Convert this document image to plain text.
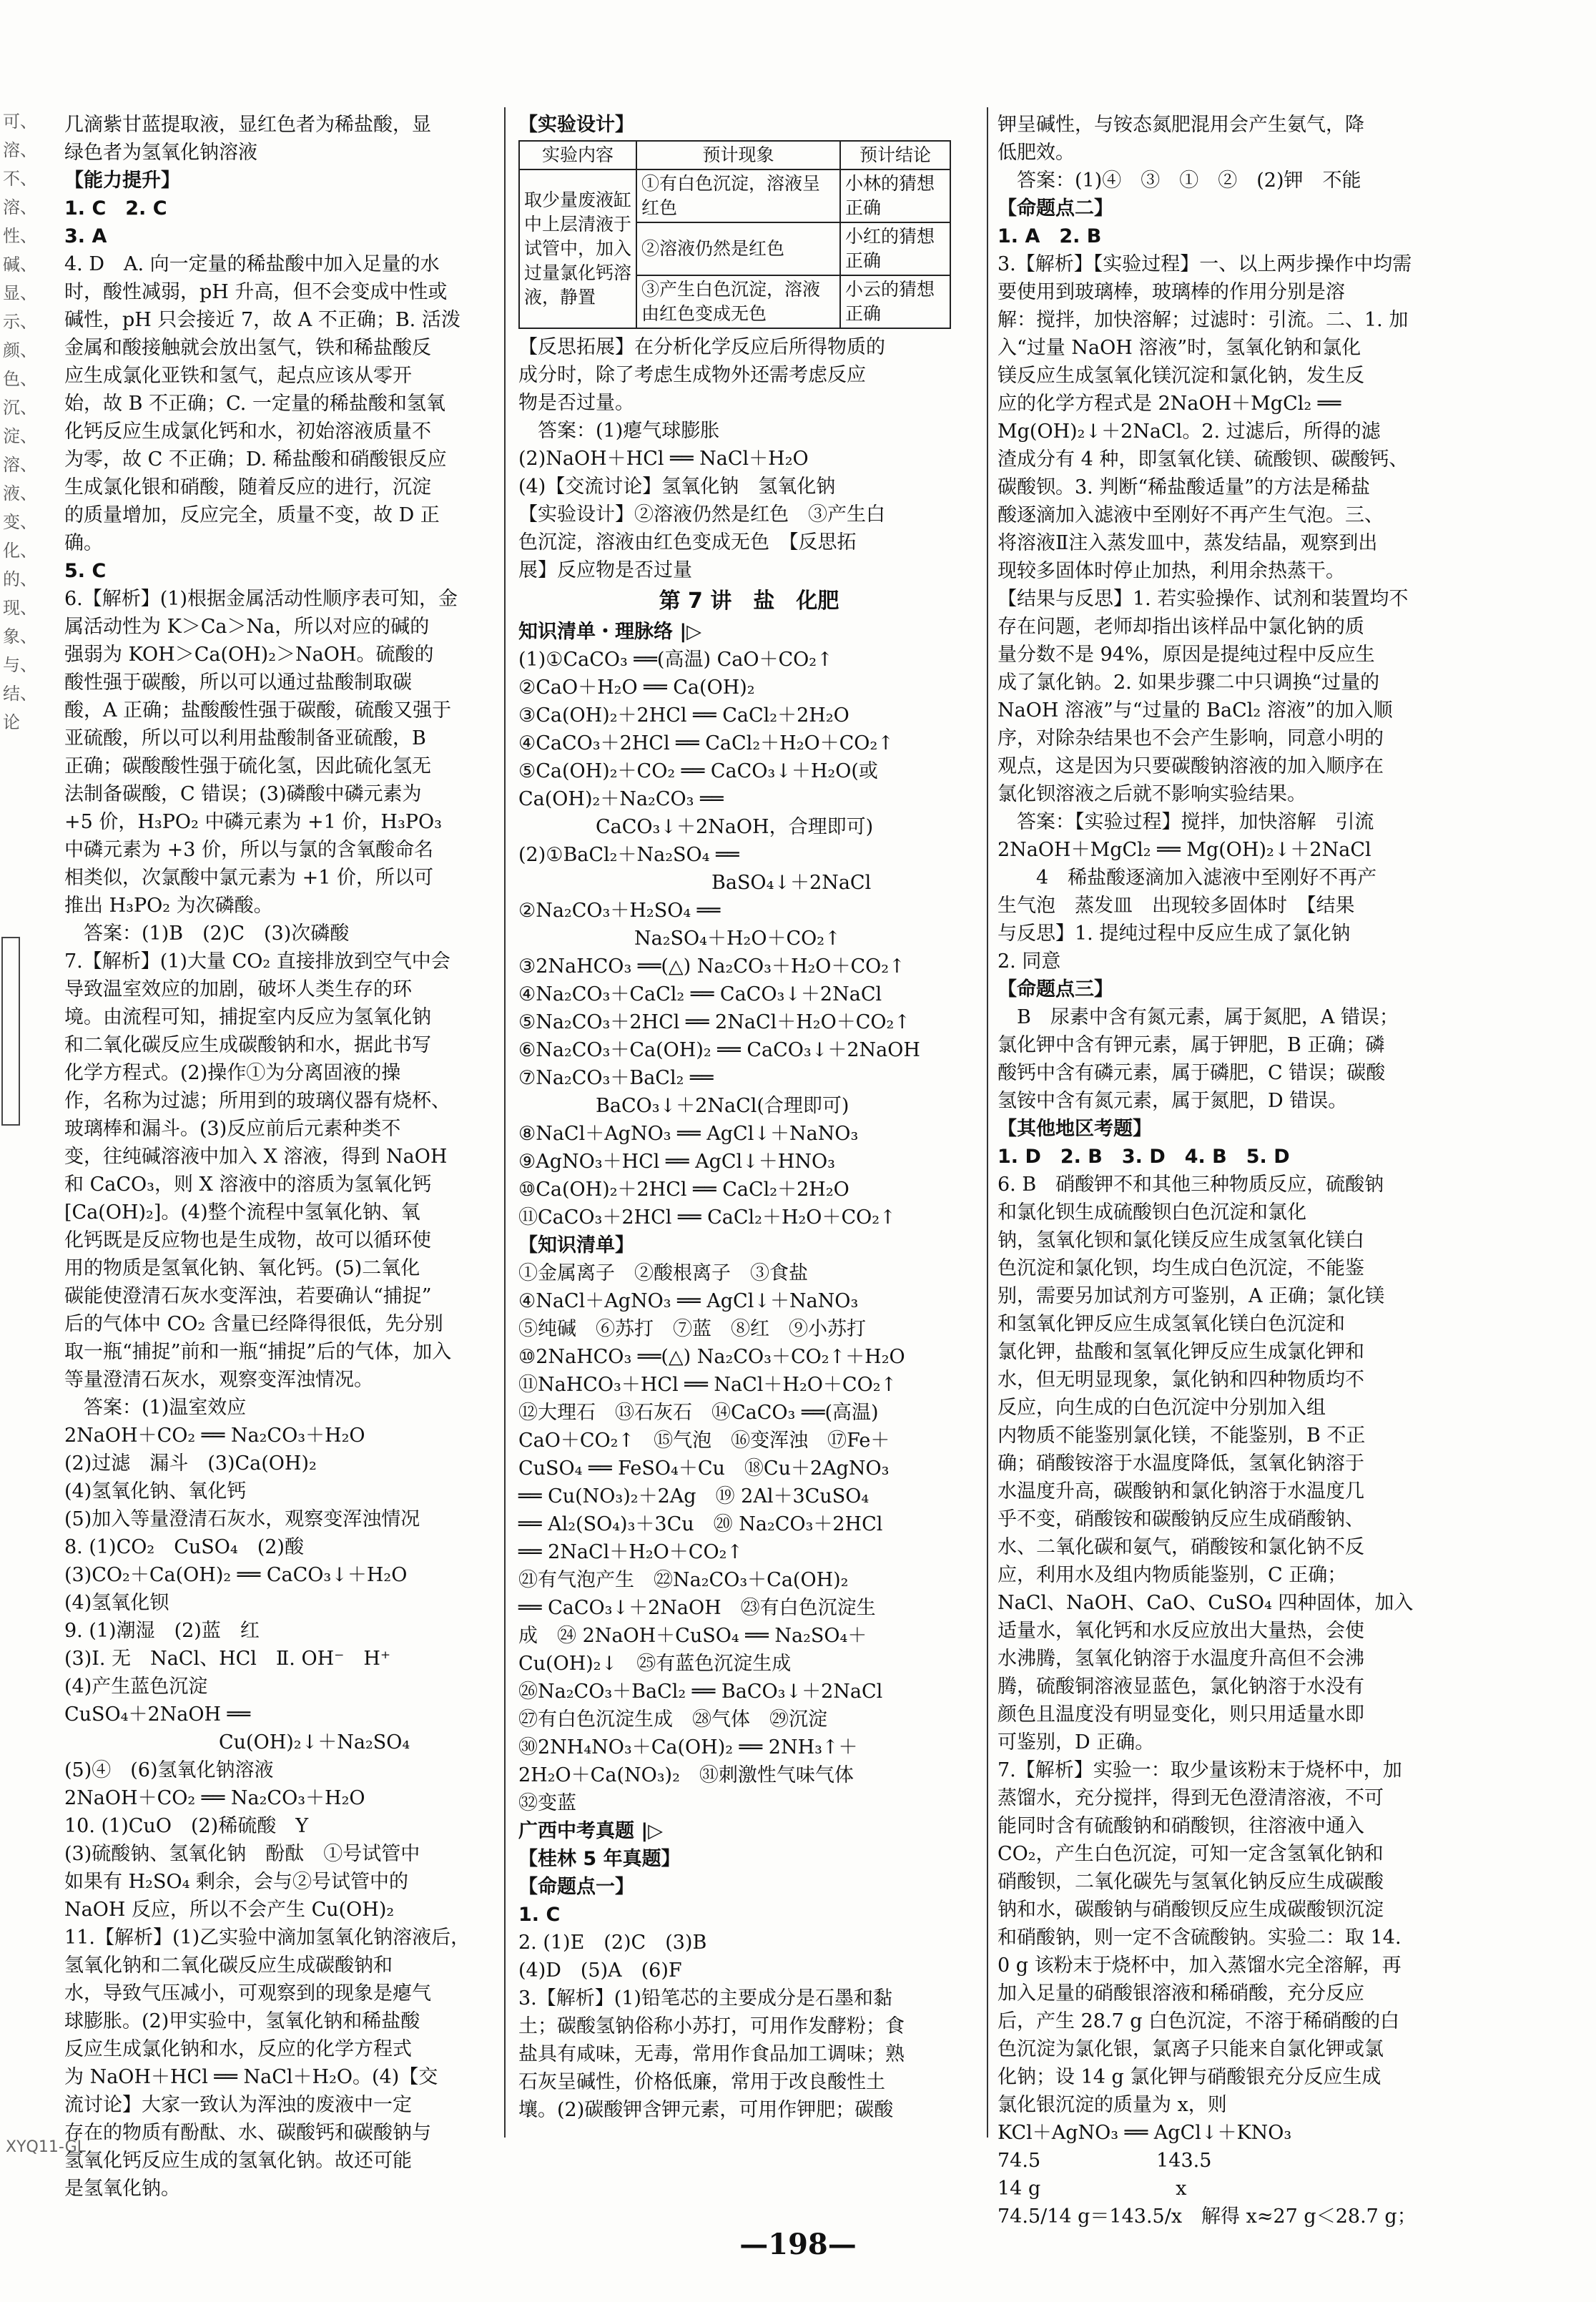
可、溶、不、溶、性、碱、显、示、颜、色、沉、淀、溶、液、变、化、的、现、象、与、结、论
XYQ11-GL
几滴紫甘蓝提取液，显红色者为稀盐酸，显
绿色者为氢氧化钠溶液
【能力提升】
1. C　2. C
3. A
4. D　A. 向一定量的稀盐酸中加入足量的水
时，酸性减弱，pH 升高，但不会变成中性或
碱性，pH 只会接近 7，故 A 不正确；B. 活泼
金属和酸接触就会放出氢气，铁和稀盐酸反
应生成氯化亚铁和氢气，起点应该从零开
始，故 B 不正确；C. 一定量的稀盐酸和氢氧
化钙反应生成氯化钙和水，初始溶液质量不
为零，故 C 不正确；D. 稀盐酸和硝酸银反应
生成氯化银和硝酸，随着反应的进行，沉淀
的质量增加，反应完全，质量不变，故 D 正
确。
5. C
6.【解析】(1)根据金属活动性顺序表可知，金
属活动性为 K＞Ca＞Na，所以对应的碱的
强弱为 KOH＞Ca(OH)₂＞NaOH。硫酸的
酸性强于碳酸，所以可以通过盐酸制取碳
酸，A 正确；盐酸酸性强于碳酸，硫酸又强于
亚硫酸，所以可以利用盐酸制备亚硫酸，B
正确；碳酸酸性强于硫化氢，因此硫化氢无
法制备碳酸，C 错误；(3)磷酸中磷元素为
+5 价，H₃PO₂ 中磷元素为 +1 价，H₃PO₃
中磷元素为 +3 价，所以与氯的含氧酸命名
相类似，次氯酸中氯元素为 +1 价，所以可
推出 H₃PO₂ 为次磷酸。
　答案：(1)B　(2)C　(3)次磷酸
7.【解析】(1)大量 CO₂ 直接排放到空气中会
导致温室效应的加剧，破坏人类生存的环
境。由流程可知，捕捉室内反应为氢氧化钠
和二氧化碳反应生成碳酸钠和水，据此书写
化学方程式。(2)操作①为分离固液的操
作，名称为过滤；所用到的玻璃仪器有烧杯、
玻璃棒和漏斗。(3)反应前后元素种类不
变，往纯碱溶液中加入 X 溶液，得到 NaOH
和 CaCO₃，则 X 溶液中的溶质为氢氧化钙
[Ca(OH)₂]。(4)整个流程中氢氧化钠、氧
化钙既是反应物也是生成物，故可以循环使
用的物质是氢氧化钠、氧化钙。(5)二氧化
碳能使澄清石灰水变浑浊，若要确认“捕捉”
后的气体中 CO₂ 含量已经降得很低，先分别
取一瓶“捕捉”前和一瓶“捕捉”后的气体，加入
等量澄清石灰水，观察变浑浊情况。
　答案：(1)温室效应
2NaOH＋CO₂ ══ Na₂CO₃＋H₂O
(2)过滤　漏斗　(3)Ca(OH)₂
(4)氢氧化钠、氧化钙
(5)加入等量澄清石灰水，观察变浑浊情况
8. (1)CO₂　CuSO₄　(2)酸
(3)CO₂＋Ca(OH)₂ ══ CaCO₃↓＋H₂O
(4)氢氧化钡
9. (1)潮湿　(2)蓝　红
(3)Ⅰ. 无　NaCl、HCl　Ⅱ. OH⁻　H⁺
(4)产生蓝色沉淀
CuSO₄＋2NaOH ══
　　　　　　　　Cu(OH)₂↓＋Na₂SO₄
(5)④　(6)氢氧化钠溶液
2NaOH＋CO₂ ══ Na₂CO₃＋H₂O
10. (1)CuO　(2)稀硫酸　Y
(3)硫酸钠、氢氧化钠　酚酞　①号试管中
如果有 H₂SO₄ 剩余，会与②号试管中的
NaOH 反应，所以不会产生 Cu(OH)₂
11.【解析】(1)乙实验中滴加氢氧化钠溶液后，
氢氧化钠和二氧化碳反应生成碳酸钠和
水，导致气压减小，可观察到的现象是瘪气
球膨胀。(2)甲实验中，氢氧化钠和稀盐酸
反应生成氯化钠和水，反应的化学方程式
为 NaOH＋HCl ══ NaCl＋H₂O。(4)【交
流讨论】大家一致认为浑浊的废液中一定
存在的物质有酚酞、水、碳酸钙和碳酸钠与
氢氧化钙反应生成的氢氧化钠。故还可能
是氢氧化钠。
【实验设计】
实验内容	预计现象	预计结论
取少量废液缸中上层清液于试管中，加入过量氯化钙溶液，静置	①有白色沉淀，溶液呈红色	小林的猜想正确
	②溶液仍然是红色	小红的猜想正确
	③产生白色沉淀，溶液由红色变成无色	小云的猜想正确
【反思拓展】在分析化学反应后所得物质的
成分时，除了考虑生成物外还需考虑反应
物是否过量。
　答案：(1)瘪气球膨胀
(2)NaOH＋HCl ══ NaCl＋H₂O
(4)【交流讨论】氢氧化钠　氢氧化钠
【实验设计】②溶液仍然是红色　③产生白
色沉淀，溶液由红色变成无色　【反思拓
展】反应物是否过量
第 7 讲　盐　化肥
知识清单・理脉络 |▷
(1)①CaCO₃ ══(高温) CaO＋CO₂↑
②CaO＋H₂O ══ Ca(OH)₂
③Ca(OH)₂＋2HCl ══ CaCl₂＋2H₂O
④CaCO₃＋2HCl ══ CaCl₂＋H₂O＋CO₂↑
⑤Ca(OH)₂＋CO₂ ══ CaCO₃↓＋H₂O(或
Ca(OH)₂＋Na₂CO₃ ══
　　　　CaCO₃↓＋2NaOH，合理即可)
(2)①BaCl₂＋Na₂SO₄ ══
　　　　　　　　　　BaSO₄↓＋2NaCl
②Na₂CO₃＋H₂SO₄ ══
　　　　　　Na₂SO₄＋H₂O＋CO₂↑
③2NaHCO₃ ══(△) Na₂CO₃＋H₂O＋CO₂↑
④Na₂CO₃＋CaCl₂ ══ CaCO₃↓＋2NaCl
⑤Na₂CO₃＋2HCl ══ 2NaCl＋H₂O＋CO₂↑
⑥Na₂CO₃＋Ca(OH)₂ ══ CaCO₃↓＋2NaOH
⑦Na₂CO₃＋BaCl₂ ══
　　　　BaCO₃↓＋2NaCl(合理即可)
⑧NaCl＋AgNO₃ ══ AgCl↓＋NaNO₃
⑨AgNO₃＋HCl ══ AgCl↓＋HNO₃
⑩Ca(OH)₂＋2HCl ══ CaCl₂＋2H₂O
⑪CaCO₃＋2HCl ══ CaCl₂＋H₂O＋CO₂↑
【知识清单】
①金属离子　②酸根离子　③食盐
④NaCl＋AgNO₃ ══ AgCl↓＋NaNO₃
⑤纯碱　⑥苏打　⑦蓝　⑧红　⑨小苏打
⑩2NaHCO₃ ══(△) Na₂CO₃＋CO₂↑＋H₂O
⑪NaHCO₃＋HCl ══ NaCl＋H₂O＋CO₂↑
⑫大理石　⑬石灰石　⑭CaCO₃ ══(高温)
CaO＋CO₂↑　⑮气泡　⑯变浑浊　⑰Fe＋
CuSO₄ ══ FeSO₄＋Cu　⑱Cu＋2AgNO₃
══ Cu(NO₃)₂＋2Ag　⑲ 2Al＋3CuSO₄
══ Al₂(SO₄)₃＋3Cu　⑳ Na₂CO₃＋2HCl
══ 2NaCl＋H₂O＋CO₂↑
㉑有气泡产生　㉒Na₂CO₃＋Ca(OH)₂
══ CaCO₃↓＋2NaOH　㉓有白色沉淀生
成　㉔ 2NaOH＋CuSO₄ ══ Na₂SO₄＋
Cu(OH)₂↓　㉕有蓝色沉淀生成
㉖Na₂CO₃＋BaCl₂ ══ BaCO₃↓＋2NaCl
㉗有白色沉淀生成　㉘气体　㉙沉淀
㉚2NH₄NO₃＋Ca(OH)₂ ══ 2NH₃↑＋
2H₂O＋Ca(NO₃)₂　㉛刺激性气味气体
㉜变蓝
广西中考真题 |▷
【桂林 5 年真题】
【命题点一】
1. C
2. (1)E　(2)C　(3)B
(4)D　(5)A　(6)F
3.【解析】(1)铅笔芯的主要成分是石墨和黏
土；碳酸氢钠俗称小苏打，可用作发酵粉；食
盐具有咸味，无毒，常用作食品加工调味；熟
石灰呈碱性，价格低廉，常用于改良酸性土
壤。(2)碳酸钾含钾元素，可用作钾肥；碳酸
钾呈碱性，与铵态氮肥混用会产生氨气，降
低肥效。
　答案：(1)④　③　①　②　(2)钾　不能
【命题点二】
1. A　2. B
3.【解析】【实验过程】一、以上两步操作中均需
要使用到玻璃棒，玻璃棒的作用分别是溶
解：搅拌，加快溶解；过滤时：引流。二、1. 加
入“过量 NaOH 溶液”时，氢氧化钠和氯化
镁反应生成氢氧化镁沉淀和氯化钠，发生反
应的化学方程式是 2NaOH＋MgCl₂ ══
Mg(OH)₂↓＋2NaCl。2. 过滤后，所得的滤
渣成分有 4 种，即氢氧化镁、硫酸钡、碳酸钙、
碳酸钡。3. 判断“稀盐酸适量”的方法是稀盐
酸逐滴加入滤液中至刚好不再产生气泡。三、
将溶液Ⅱ注入蒸发皿中，蒸发结晶，观察到出
现较多固体时停止加热，利用余热蒸干。
【结果与反思】1. 若实验操作、试剂和装置均不
存在问题，老师却指出该样品中氯化钠的质
量分数不是 94%，原因是提纯过程中反应生
成了氯化钠。2. 如果步骤二中只调换“过量的
NaOH 溶液”与“过量的 BaCl₂ 溶液”的加入顺
序，对除杂结果也不会产生影响，同意小明的
观点，这是因为只要碳酸钠溶液的加入顺序在
氯化钡溶液之后就不影响实验结果。
　答案：【实验过程】搅拌，加快溶解　引流
2NaOH＋MgCl₂ ══ Mg(OH)₂↓＋2NaCl
　　4　稀盐酸逐滴加入滤液中至刚好不再产
生气泡　蒸发皿　出现较多固体时　【结果
与反思】1. 提纯过程中反应生成了氯化钠
2. 同意
【命题点三】
　B　尿素中含有氮元素，属于氮肥，A 错误；
氯化钾中含有钾元素，属于钾肥，B 正确；磷
酸钙中含有磷元素，属于磷肥，C 错误；碳酸
氢铵中含有氮元素，属于氮肥，D 错误。
【其他地区考题】
1. D　2. B　3. D　4. B　5. D
6. B　硝酸钾不和其他三种物质反应，硫酸钠
和氯化钡生成硫酸钡白色沉淀和氯化
钠，氢氧化钡和氯化镁反应生成氢氧化镁白
色沉淀和氯化钡，均生成白色沉淀，不能鉴
别，需要另加试剂方可鉴别，A 正确；氯化镁
和氢氧化钾反应生成氢氧化镁白色沉淀和
氯化钾，盐酸和氢氧化钾反应生成氯化钾和
水，但无明显现象，氯化钠和四种物质均不
反应，向生成的白色沉淀中分别加入组
内物质不能鉴别氯化镁，不能鉴别，B 不正
确；硝酸铵溶于水温度降低，氢氧化钠溶于
水温度升高，碳酸钠和氯化钠溶于水温度几
乎不变，硝酸铵和碳酸钠反应生成硝酸钠、
水、二氧化碳和氨气，硝酸铵和氯化钠不反
应，利用水及组内物质能鉴别，C 正确；
NaCl、NaOH、CaO、CuSO₄ 四种固体，加入
适量水，氧化钙和水反应放出大量热，会使
水沸腾，氢氧化钠溶于水温度升高但不会沸
腾，硫酸铜溶液显蓝色，氯化钠溶于水没有
颜色且温度没有明显变化，则只用适量水即
可鉴别，D 正确。
7.【解析】实验一：取少量该粉末于烧杯中，加
蒸馏水，充分搅拌，得到无色澄清溶液，不可
能同时含有硫酸钠和硝酸钡，往溶液中通入
CO₂，产生白色沉淀，可知一定含氢氧化钠和
硝酸钡，二氧化碳先与氢氧化钠反应生成碳酸
钠和水，碳酸钠与硝酸钡反应生成碳酸钡沉淀
和硝酸钠，则一定不含硫酸钠。实验二：取 14.
0 g 该粉末于烧杯中，加入蒸馏水完全溶解，再
加入足量的硝酸银溶液和稀硝酸，充分反应
后，产生 28.7 g 白色沉淀，不溶于稀硝酸的白
色沉淀为氯化银，氯离子只能来自氯化钾或氯
化钠；设 14 g 氯化钾与硝酸银充分反应生成
氯化银沉淀的质量为 x，则
KCl＋AgNO₃ ══ AgCl↓＋KNO₃
74.5　　　　　　143.5
14 g　　　　　　　x
74.5/14 g＝143.5/x　解得 x≈27 g＜28.7 g；
—198—
